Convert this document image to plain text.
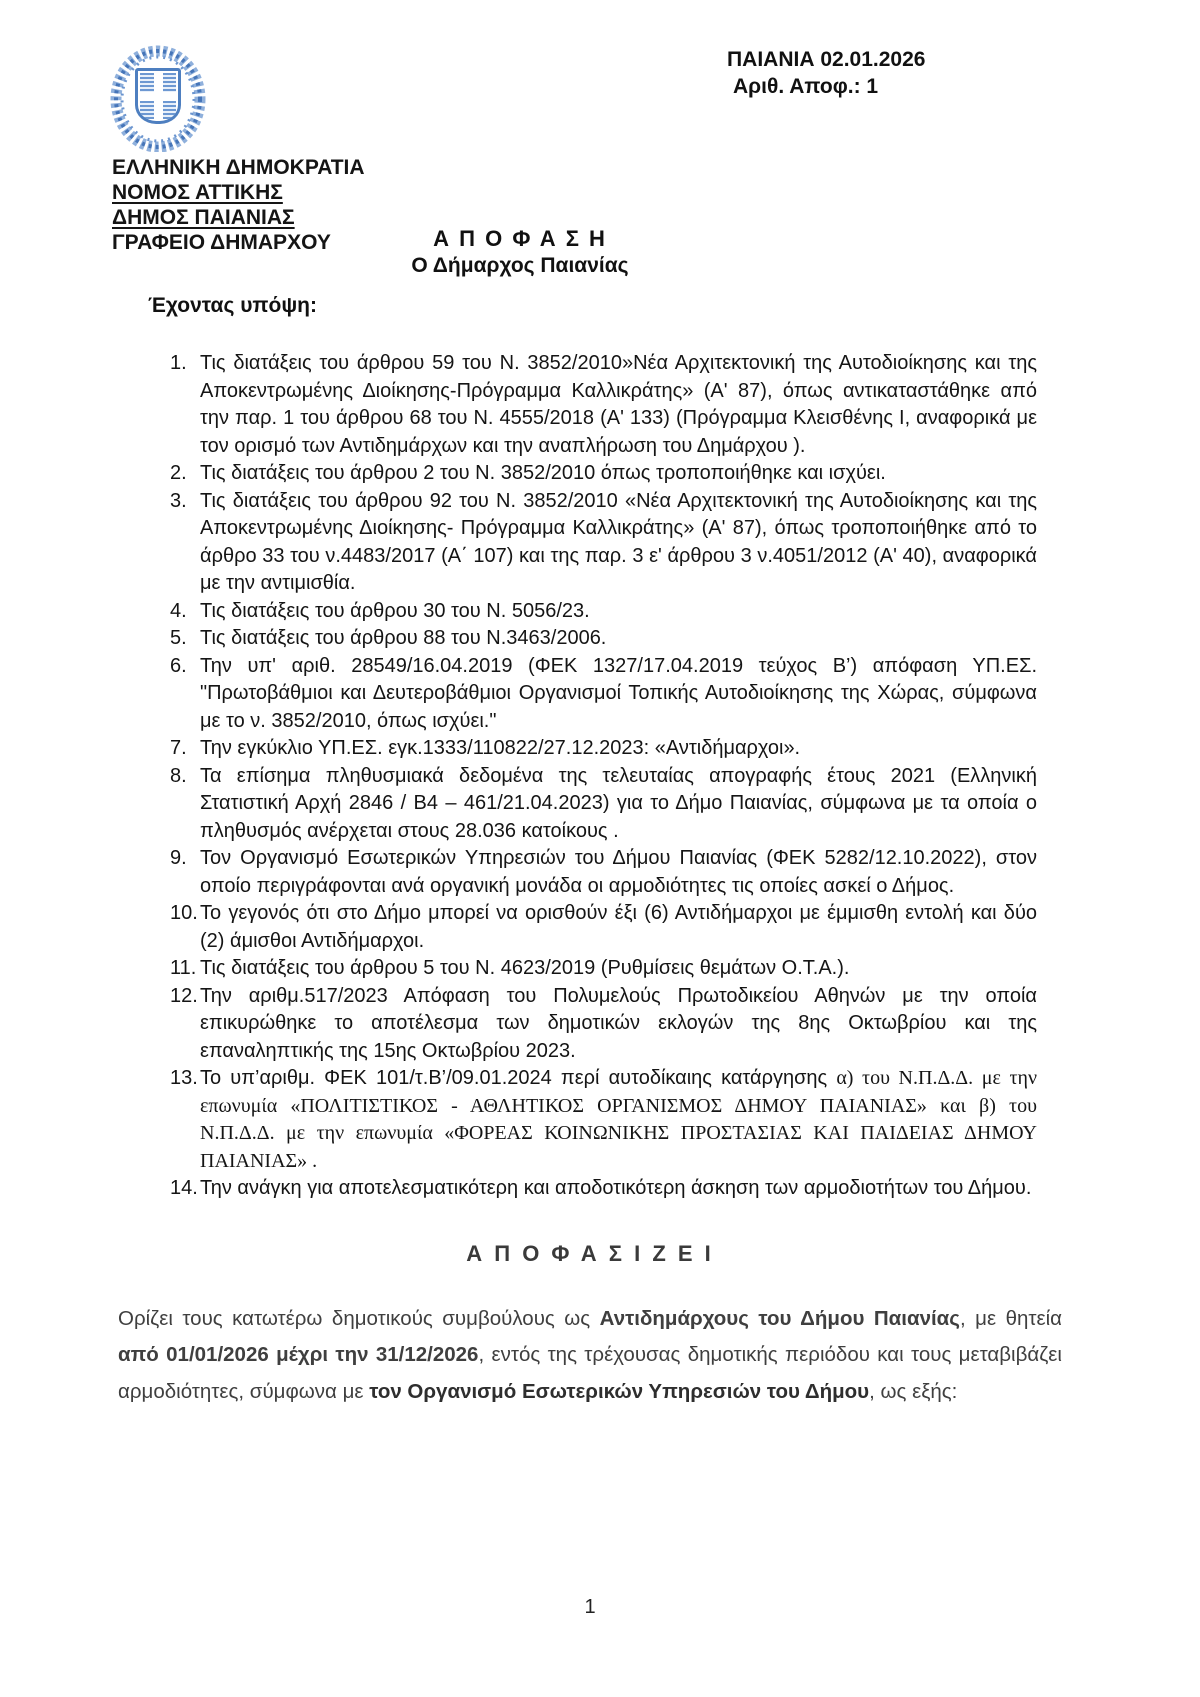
ΕΛΛΗΝΙΚΗ ΔΗΜΟΚΡΑΤΙΑ
ΝΟΜΟΣ ΑΤΤΙΚΗΣ
ΔΗΜΟΣ ΠΑΙΑΝΙΑΣ
ΓΡΑΦΕΙΟ ΔΗΜΑΡΧΟΥ
ΠΑΙΑΝΙΑ 02.01.2026
Αριθ. Αποφ.: 1
Α Π Ο Φ Α Σ Η
Ο Δήμαρχος Παιανίας
Έχοντας υπόψη:
1. Τις διατάξεις του άρθρου 59 του Ν. 3852/2010»Νέα Αρχιτεκτονική της Αυτοδιοίκησης και της Αποκεντρωμένης Διοίκησης-Πρόγραμμα Καλλικράτης» (Α' 87), όπως αντικαταστάθηκε από την παρ. 1 του άρθρου 68 του Ν. 4555/2018 (Α' 133) (Πρόγραμμα Κλεισθένης Ι, αναφορικά με τον ορισμό των Αντιδημάρχων και την αναπλήρωση του Δημάρχου ).
2. Τις διατάξεις του άρθρου 2 του Ν. 3852/2010 όπως τροποποιήθηκε και ισχύει.
3. Τις διατάξεις του άρθρου 92 του Ν. 3852/2010 «Νέα Αρχιτεκτονική της Αυτοδιοίκησης και της Αποκεντρωμένης Διοίκησης- Πρόγραμμα Καλλικράτης» (Α' 87), όπως τροποποιήθηκε από το άρθρο 33 του ν.4483/2017 (Α΄ 107) και της παρ. 3 ε' άρθρου 3 ν.4051/2012 (Α' 40), αναφορικά με την αντιμισθία.
4. Τις διατάξεις του άρθρου 30 του Ν. 5056/23.
5. Τις διατάξεις του άρθρου 88 του Ν.3463/2006.
6. Την υπ' αριθ. 28549/16.04.2019 (ΦΕΚ 1327/17.04.2019 τεύχος Β’) απόφαση ΥΠ.ΕΣ. "Πρωτοβάθμιοι και Δευτεροβάθμιοι Οργανισμοί Τοπικής Αυτοδιοίκησης της Χώρας, σύμφωνα με το ν. 3852/2010, όπως ισχύει."
7. Την εγκύκλιο ΥΠ.ΕΣ. εγκ.1333/110822/27.12.2023: «Αντιδήμαρχοι».
8. Τα επίσημα πληθυσμιακά δεδομένα της τελευταίας απογραφής έτους 2021 (Ελληνική Στατιστική Αρχή 2846 / Β4 – 461/21.04.2023) για το Δήμο Παιανίας, σύμφωνα με τα οποία ο πληθυσμός ανέρχεται στους 28.036 κατοίκους .
9. Τον Οργανισμό Εσωτερικών Υπηρεσιών του Δήμου Παιανίας (ΦΕΚ 5282/12.10.2022), στον οποίο περιγράφονται ανά οργανική μονάδα οι αρμοδιότητες τις οποίες ασκεί ο Δήμος.
10. Το γεγονός ότι στο Δήμο μπορεί να ορισθούν έξι (6) Αντιδήμαρχοι με έμμισθη εντολή και δύο (2) άμισθοι Αντιδήμαρχοι.
11. Τις διατάξεις του άρθρου 5 του Ν. 4623/2019 (Ρυθμίσεις θεμάτων Ο.Τ.Α.).
12. Την αριθμ.517/2023 Απόφαση του Πολυμελούς Πρωτοδικείου Αθηνών με την οποία επικυρώθηκε το αποτέλεσμα των δημοτικών εκλογών της 8ης Οκτωβρίου και της επαναληπτικής της 15ης Οκτωβρίου 2023.
13. Το υπ’αριθμ. ΦΕΚ 101/τ.Β’/09.01.2024 περί αυτοδίκαιης κατάργησης α) του Ν.Π.Δ.Δ. με την επωνυμία «ΠΟΛΙΤΙΣΤΙΚΟΣ - ΑΘΛΗΤΙΚΟΣ ΟΡΓΑΝΙΣΜΟΣ ΔΗΜΟΥ ΠΑΙΑΝΙΑΣ» και β) του Ν.Π.Δ.Δ. με την επωνυμία «ΦΟΡΕΑΣ ΚΟΙΝΩΝΙΚΗΣ ΠΡΟΣΤΑΣΙΑΣ ΚΑΙ ΠΑΙΔΕΙΑΣ ΔΗΜΟΥ ΠΑΙΑΝΙΑΣ» .
14. Την ανάγκη για αποτελεσματικότερη και αποδοτικότερη άσκηση των αρμοδιοτήτων του Δήμου.
Α Π Ο Φ Α Σ Ι Ζ Ε Ι

Ορίζει τους κατωτέρω δημοτικούς συμβούλους ως Αντιδημάρχους του Δήμου Παιανίας, με θητεία από 01/01/2026 μέχρι την 31/12/2026, εντός της τρέχουσας δημοτικής περιόδου και τους μεταβιβάζει αρμοδιότητες, σύμφωνα με τον Οργανισμό Εσωτερικών Υπηρεσιών του Δήμου, ως εξής:

1
